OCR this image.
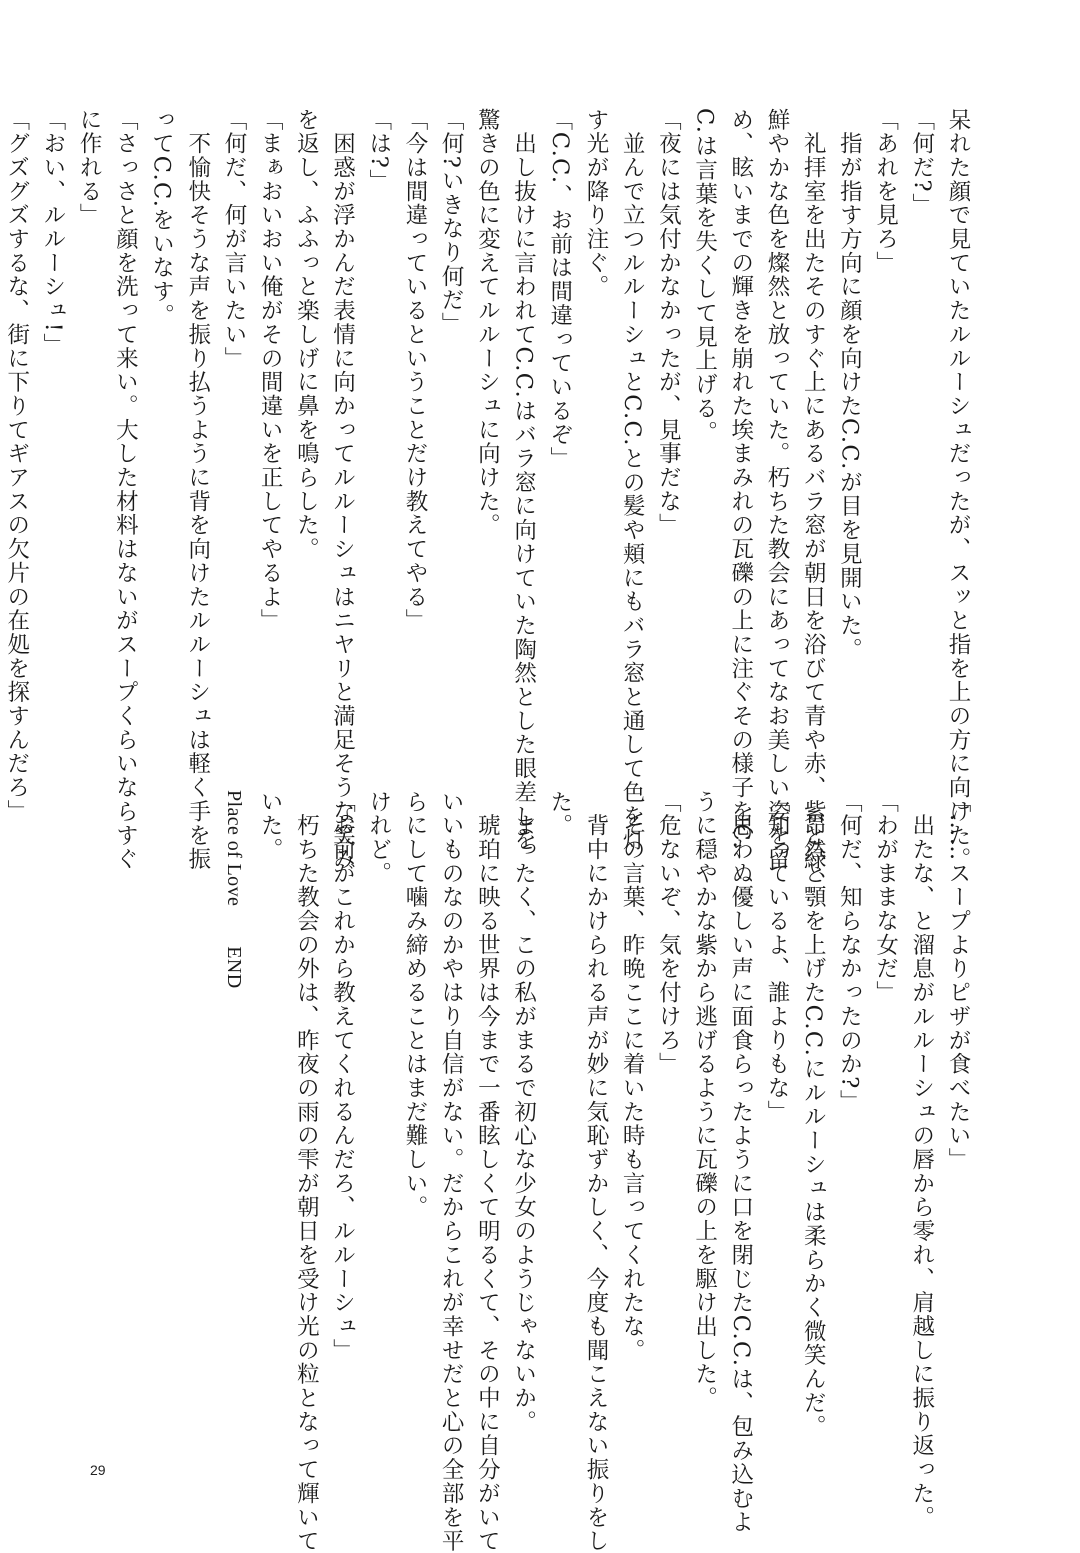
呆れた顔で見ていたルルーシュだったが、スッと指を上の方に向けた。

「何だ?」

「あれを見ろ」

　指が指す方向に顔を向けたC.C.が目を見開いた。

　礼拝室を出たそのすぐ上にあるバラ窓が朝日を浴びて青や赤、紫と緑、

鮮やかな色を燦然と放っていた。朽ちた教会にあってなお美しい姿を留

め、眩いまでの輝きを崩れた埃まみれの瓦礫の上に注ぐその様子をC.

C.は言葉を失くして見上げる。

「夜には気付かなかったが、見事だな」

　並んで立つルルーシュとC.C.との髪や頬にもバラ窓と通して色を灯

す光が降り注ぐ。

「C.C.、お前は間違っているぞ」

　出し抜けに言われてC.C.はバラ窓に向けていた陶然とした眼差しを

驚きの色に変えてルルーシュに向けた。

「何?いきなり何だ」

「今は間違っているということだけ教えてやる」

「は?」

　困惑が浮かんだ表情に向かってルルーシュはニヤリと満足そうな笑み

を返し、ふふっと楽しげに鼻を鳴らした。

「まぁおいおい俺がその間違いを正してやるよ」

「何だ、何が言いたい」

　不愉快そうな声を振り払うように背を向けたルルーシュは軽く手を振

ってC.C.をいなす。

「さっさと顔を洗って来い。大した材料はないがスープくらいならすぐ

に作れる」

「おい、ルルーシュ!」

「グズグズするな、街に下りてギアスの欠片の在処を探すんだろ」

「……スープよりピザが食べたい」

　出たな、と溜息がルルーシュの唇から零れ、肩越しに振り返った。

「わがままな女だ」

「何だ、知らなかったのか?」

　昂然と顎を上げたC.C.にルルーシュは柔らかく微笑んだ。

「知っているよ、誰よりもな」

　思わぬ優しい声に面食らったように口を閉じたC.C.は、包み込むよ

うに穏やかな紫から逃げるように瓦礫の上を駆け出した。

「危ないぞ、気を付けろ」

　その言葉、昨晩ここに着いた時も言ってくれたな。

　背中にかけられる声が妙に気恥ずかしく、今度も聞こえない振りをし

た。

　まったく、この私がまるで初心な少女のようじゃないか。

　琥珀に映る世界は今まで一番眩しくて明るくて、その中に自分がいて

いいものなのかやはり自信がない。だからこれが幸せだと心の全部を平

らにして噛み締めることはまだ難しい。

けれど。

「お前がこれから教えてくれるんだろ、ルルーシュ」

　朽ちた教会の外は、昨夜の雨の雫が朝日を受け光の粒となって輝いて

いた。

Place of LoveEND

29
